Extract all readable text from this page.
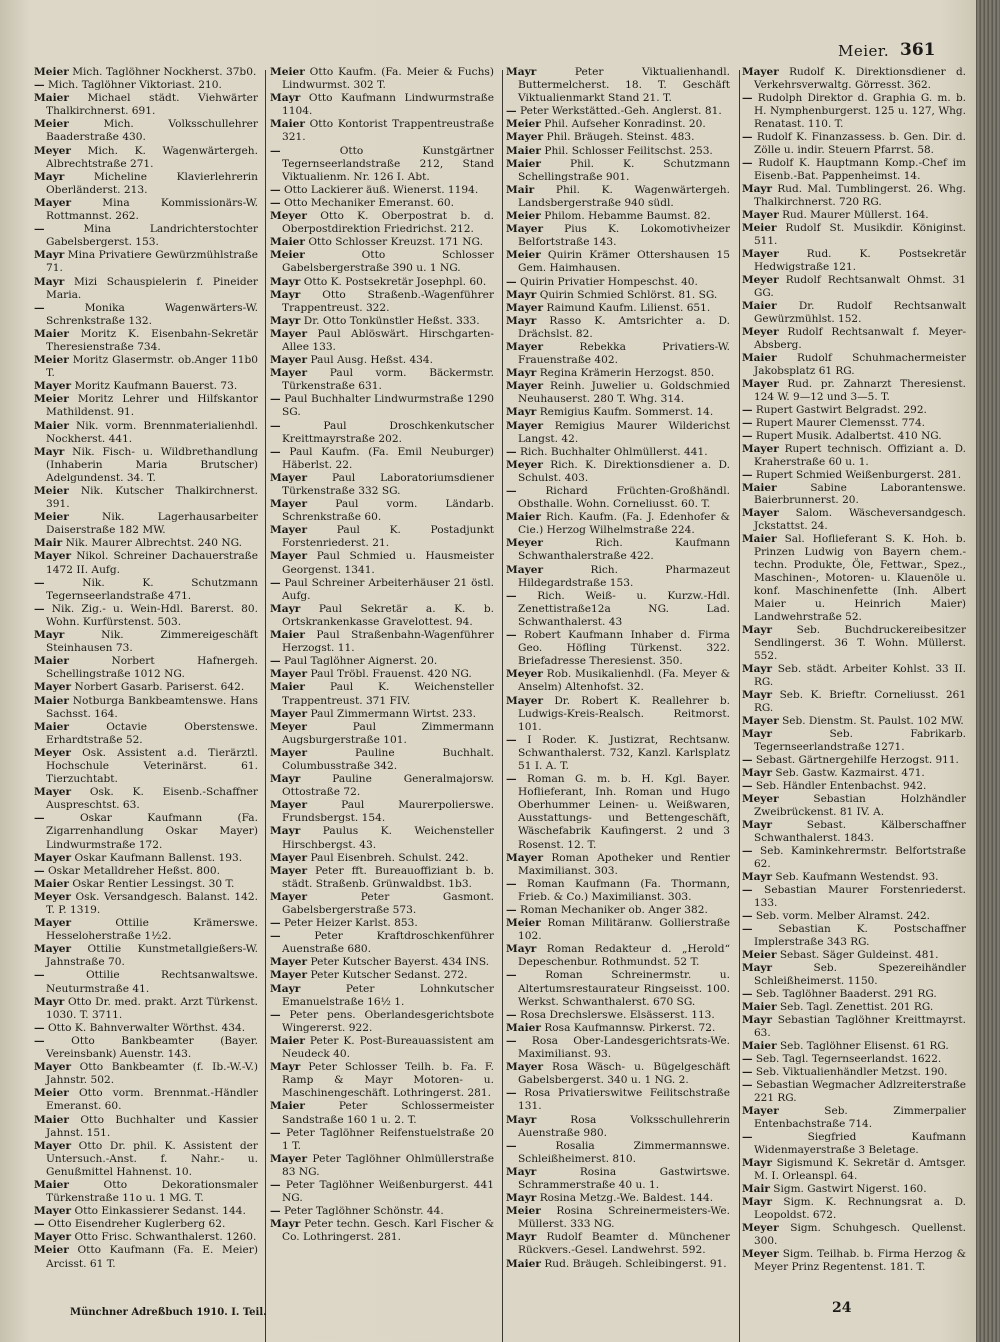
Meier. 361

Meier Mich. Taglöhner Nockherst. 37b0.

— Mich. Taglöhner Viktoriast. 210.

Maier Michael städt. Viehwärter Thalkirchnerst. 691.

Meier	Mich. Volksschullehrer Baaderstraße 430.

Meyer Mich. K. Wagenwärtergeh. Albrechtstraße 271.

Mayr	Micheline Klavierlehrerin Oberländerst. 213.

Mayer	Mina Kommissionärs-W. Rottmannst. 262.

—	Mina Landrichterstochter Gabelsbergerst. 153.

Mayr Mina Privatiere Gewürzmühlstraße 71.

Mayr Mizi Schauspielerin f. Pineider Maria.

—	Monika Wagenwärters-W. Schrenkstraße 132.

Maier Moritz K. Eisenbahn-Sekretär Theresienstraße 734.

Meier Moritz Glasermstr. ob.Anger 11b0 T.

Mayer Moritz Kaufmann Bauerst. 73.

Meier Moritz Lehrer und Hilfskantor Mathildenst. 91.

Maier Nik. vorm. Brennmaterialienhdl. Nockherst. 441.

Mayr Nik. Fisch- u. Wildbrethandlung (Inhaberin Maria Brutscher) Adelgundenst. 34. T.

Meier Nik. Kutscher Thalkirchnerst. 391.

Meier	Nik. Lagerhausarbeiter Daiserstraße 182 MW.

Mair Nik. Maurer Albrechtst. 240 NG.

Mayer Nikol. Schreiner Dachauerstraße 1472 II. Aufg.

—	Nik. K. Schutzmann Tegernseerlandstraße 471.

— Nik. Zig.- u. Wein-Hdl. Barerst. 80. Wohn. Kurfürstenst. 503.

Mayr	Nik. Zimmereigeschäft Steinhausen 73.

Maier	Norbert Hafnergeh. Schellingstraße 1012 NG.

Mayer Norbert Gasarb. Pariserst. 642.

Maier Notburga Bankbeamtenswe. Hans Sachsst. 164.

Maier	Octavie Oberstenswe. Erhardtstraße 52.

Meyer Osk. Assistent a.d. Tierärztl. Hochschule Veterinärst. 61. Tierzuchtabt.

Mayer Osk. K. Eisenb.-Schaffner Auspreschtst. 63.

—	Oskar Kaufmann (Fa. Zigarrenhandlung Oskar Mayer) Lindwurmstraße 172.

Mayer Oskar Kaufmann Ballenst. 193.

— Oskar Metalldreher Heßst. 800.

Maier Oskar Rentier Lessingst. 30 T.

Meyer Osk. Versandgesch. Balanst. 142. T. P. 1319.

Mayer	Ottilie Krämerswe. Hesseloherstraße 1½2.

Mayer Ottilie Kunstmetallgießers-W. Jahnstraße 70.

—	Ottilie Rechtsanwaltswe. Neuturmstraße 41.

Mayr Otto Dr. med. prakt. Arzt Türkenst. 1030. T. 3711.

— Otto K. Bahnverwalter Wörthst. 434.

—	Otto Bankbeamter (Bayer. Vereinsbank) Auenstr. 143.

Mayer Otto Bankbeamter (f. Ib.-W.-V.) Jahnstr. 502.

Meier Otto vorm. Brennmat.-Händler Emeranst. 60.

Maier Otto Buchhalter und Kassier Jahnst. 151.

Mayer Otto Dr. phil. K. Assistent der Untersuch.-Anst. f. Nahr.- u. Genußmittel Hahnenst. 10.

Maier	Otto Dekorationsmaler Türkenstraße 11o u. 1 MG. T.

Mayer Otto Einkassierer Sedanst. 144.

— Otto Eisendreher Kuglerberg 62.

Mayer Otto Frisc. Schwanthalerst. 1260.

Meier Otto Kaufmann (Fa. E. Meier) Arcisst. 61 T.

Meier Otto Kaufm. (Fa. Meier & Fuchs) Lindwurmst. 302 T.

Mayr Otto Kaufmann Lindwurmstraße 1104.

Maier Otto Kontorist Trappentreustraße 321.

—	Otto Kunstgärtner Tegernseerlandstraße 212, Stand Viktualienm. Nr. 126 I. Abt.

— Otto Lackierer äuß. Wienerst. 1194.

— Otto Mechaniker Emeranst. 60.

Meyer Otto K. Oberpostrat b. d. Oberpostdirektion Friedrichst. 212.

Maier Otto Schlosser Kreuzst. 171 NG.

Meier	Otto Schlosser Gabelsbergerstraße 390 u. 1 NG.

Mayr Otto K. Postsekretär Josephpl. 60.

Mayr Otto Straßenb.-Wagenführer Trappentreust. 322.

Mayr Dr. Otto Tonkünstler Heßst. 333.

Mayer Paul Ablöswärt. Hirschgarten-Allee 133.

Mayer Paul Ausg. Heßst. 434.

Mayer Paul vorm. Bäckermstr. Türkenstraße 631.

— Paul Buchhalter Lindwurmstraße 1290 SG.

—	Paul Droschkenkutscher Kreittmayrstraße 202.

— Paul Kaufm. (Fa. Emil Neuburger) Häberlst. 22.

Mayer Paul Laboratoriumsdiener Türkenstraße 332 SG.

Mayer	Paul vorm. Ländarb. Schrenkstraße 60.

Mayer	Paul K. Postadjunkt Forstenriederst. 21.

Mayer Paul Schmied u. Hausmeister Georgenst. 1341.

— Paul Schreiner Arbeiterhäuser 21 östl. Aufg.

Mayr Paul Sekretär a. K. b. Ortskrankenkasse Gravelottest. 94.

Maier Paul Straßenbahn-Wagenführer Herzogst. 11.

— Paul Taglöhner Aignerst. 20.

Mayer Paul Tröbl. Frauenst. 420 NG.

Maier Paul K. Weichensteller Trappentreust. 371 FIV.

Mayer Paul Zimmermann Wirtst. 233.

Meyer	Paul Zimmermann Augsburgerstraße 101.

Mayer	Pauline Buchhalt. Columbusstraße 342.

Mayr	Pauline Generalmajorsw. Ottostraße 72.

Mayer	Paul Maurerpolierswe. Frundsbergst. 154.

Mayr Paulus K. Weichensteller Hirschbergst. 43.

Mayer Paul Eisenbreh. Schulst. 242.

Mayer Peter fft. Bureauoffiziant b. b. städt. Straßenb. Grünwaldbst. 1b3.

Mayer	Peter Gasmont. Gabelsbergerstraße 573.

— Peter Heizer Karlst. 853.

—	Peter Kraftdroschkenführer Auenstraße 680.

Mayer Peter Kutscher Bayerst. 434 INS.

Mayer Peter Kutscher Sedanst. 272.

Mayr	Peter Lohnkutscher Emanuelstraße 16½ 1.

— Peter pens. Oberlandesgerichtsbote Wingererst. 922.

Maier Peter K. Post-Bureauassistent am Neudeck 40.

Mayr Peter Schlosser Teilh. b. Fa. F. Ramp & Mayr Motoren- u. Maschinengeschäft. Lothringerst. 281.

Maier	Peter Schlossermeister Sandstraße 160 1 u. 2. T.

— Peter Taglöhner Reifenstuelstraße 20 1 T.

Mayer Peter Taglöhner Ohlmüllerstraße 83 NG.

— Peter Taglöhner Weißenburgerst. 441 NG.

— Peter Taglöhner Schönstr. 44.

Mayr Peter techn. Gesch. Karl Fischer & Co. Lothringerst. 281.

Mayr	Peter Viktualienhandl. Buttermelcherst. 18. T. Geschäft Viktualienmarkt Stand 21. T.

— Peter Werkstätted.-Geh. Anglerst. 81.

Meier Phil. Aufseher Konradinst. 20.

Mayer Phil. Bräugeh. Steinst. 483.

Maier Phil. Schlosser Feilitschst. 253.

Maier	Phil. K. Schutzmann Schellingstraße 901.

Mair Phil. K. Wagenwärtergeh. Landsbergerstraße 940 südl.

Meier Philom. Hebamme Baumst. 82.

Mayer Pius K. Lokomotivheizer Belfortstraße 143.

Meier Quirin Krämer Ottershausen 15 Gem. Haimhausen.

— Quirin Privatier Hompeschst. 40.

Mayr Quirin Schmied Schlörst. 81. SG.

Mayer Raimund Kaufm. Lilienst. 651.

Mayr Rasso K. Amtsrichter a. D. Drächslst. 82.

Mayer	Rebekka Privatiers-W. Frauenstraße 402.

Mayr Regina Krämerin Herzogst. 850.

Mayer Reinh. Juwelier u. Goldschmied Neuhauserst. 280 T. Whg. 314.

Mayr Remigius Kaufm. Sommerst. 14.

Mayer Remigius Maurer Wilderichst Langst. 42.

— Rich. Buchhalter Ohlmüllerst. 441.

Meyer Rich. K. Direktionsdiener a. D. Schulst. 403.

—	Richard Früchten-Großhändl. Obsthalle. Wohn. Corneliusst. 60. T.

Maier Rich. Kaufm. (Fa. J. Edenhofer & Cie.) Herzog Wilhelmstraße 224.

Meyer	Rich. Kaufmann Schwanthalerstraße 422.

Mayer	Rich. Pharmazeut Hildegardstraße 153.

— Rich. Weiß- u. Kurzw.-Hdl. Zenettistraße12a NG. Lad. Schwanthalerst. 43

— Robert Kaufmann Inhaber d. Firma Geo. Höfling Türkenst. 322. Briefadresse Theresienst. 350.

Meyer Rob. Musikalienhdl. (Fa. Meyer & Anselm) Altenhofst. 32.

Mayer Dr. Robert K. Reallehrer b. Ludwigs-Kreis-Realsch. Reitmorst. 101.

— I Roder. K. Justizrat, Rechtsanw. Schwanthalerst. 732, Kanzl. Karlsplatz 51 I. A. T.

— Roman G. m. b. H. Kgl. Bayer. Hoflieferant, Inh. Roman und Hugo Oberhummer Leinen- u. Weißwaren, Ausstattungs- und Bettengeschäft, Wäschefabrik Kaufingerst. 2 und 3 Rosenst. 12. T.

Mayer Roman Apotheker und Rentier Maximilianst. 303.

— Roman Kaufmann (Fa. Thormann, Frieb. & Co.) Maximilianst. 303.

— Roman Mechaniker ob. Anger 382.

Meier Roman Militäranw. Gollierstraße 102.

Mayr Roman Redakteur d. „Herold“ Depeschenbur. Rothmundst. 52 T.

—	Roman Schreinermstr. u. Altertumsrestaurateur Ringseisst. 100. Werkst. Schwanthalerst. 670 SG.

— Rosa Drechslerswe. Elsässerst. 113.

Maier Rosa Kaufmannsw. Pirkerst. 72.

— Rosa Ober-Landesgerichtsrats-We. Maximilianst. 93.

Mayer Rosa Wäsch- u. Bügelgeschäft Gabelsbergerst. 340 u. 1 NG. 2.

— Rosa Privatierswitwe Feilitschstraße 131.

Mayr	Rosa Volksschullehrerin Auenstraße 980.

—	Rosalia Zimmermannswe. Schleißheimerst. 810.

Mayr	Rosina Gastwirtswe. Schrammerstraße 40 u. 1.

Mayr Rosina Metzg.-We. Baldest. 144.

Meier Rosina Schreinermeisters-We. Müllerst. 333 NG.

Mayr Rudolf Beamter d. Münchener Rückvers.-Gesel. Landwehrst. 592.

Maier Rud. Bräugeh. Schleibingerst. 91.

Mayer Rudolf K. Direktionsdiener d. Verkehrsverwaltg. Görresst. 362.

— Rudolph Direktor d. Graphia G. m. b. H. Nymphenburgerst. 125 u. 127, Whg. Renatast. 110. T.

— Rudolf K. Finanzassess. b. Gen. Dir. d. Zölle u. indir. Steuern Pfarrst. 58.

— Rudolf K. Hauptmann Komp.-Chef im Eisenb.-Bat. Pappenheimst. 14.

Mayr Rud. Mal. Tumblingerst. 26. Whg. Thalkirchnerst. 720 RG.

Mayer Rud. Maurer Müllerst. 164.

Meier Rudolf St. Musikdir. Königinst. 511.

Mayer	Rud. K. Postsekretär Hedwigstraße 121.

Meyer Rudolf Rechtsanwalt Ohmst. 31 GG.

Maier Dr. Rudolf Rechtsanwalt Gewürzmühlst. 152.

Meyer Rudolf Rechtsanwalt f. Meyer-Absberg.

Maier Rudolf Schuhmachermeister Jakobsplatz 61 RG.

Mayer Rud. pr. Zahnarzt Theresienst. 124 W. 9—12 und 3—5. T.

— Rupert Gastwirt Belgradst. 292.

— Rupert Maurer Clemensst. 774.

— Rupert Musik. Adalbertst. 410 NG.

Mayer Rupert technisch. Offiziant a. D. Kraherstraße 60 u. 1.

— Rupert Schmied Weißenburgerst. 281.

Maier	Sabine Laborantenswe. Baierbrunnerst. 20.

Mayer Salom. Wäscheversandgesch. Jckstattst. 24.

Maier Sal. Hoflieferant S. K. Hoh. b. Prinzen Ludwig von Bayern chem.-techn. Produkte, Öle, Fettwar., Spez., Maschinen-, Motoren- u. Klauenöle u. konf. Maschinenfette (Inh. Albert Maier u. Heinrich Maier) Landwehrstraße 52.

Mayr Seb. Buchdruckereibesitzer Sendlingerst. 36 T. Wohn. Müllerst. 552.

Mayr Seb. städt. Arbeiter Kohlst. 33 II. RG.

Mayr Seb. K. Brieftr. Corneliusst. 261 RG.

Mayer Seb. Dienstm. St. Paulst. 102 MW.

Mayr	Seb. Fabrikarb. Tegernseerlandstraße 1271.

— Sebast. Gärtnergehilfe Herzogst. 911.

Mayr Seb. Gastw. Kazmairst. 471.

— Seb. Händler Entenbachst. 942.

Meyer	Sebastian Holzhändler Zweibrückenst. 81 IV. A.

Mayr	Sebast. Kälberschaffner Schwanthalerst. 1843.

— Seb. Kaminkehrermstr. Belfortstraße 62.

Mayr Seb. Kaufmann Westendst. 93.

— Sebastian Maurer Forstenriederst. 133.

— Seb. vorm. Melber Alramst. 242.

— Sebastian K. Postschaffner Implerstraße 343 RG.

Meier Sebast. Säger Guldeinst. 481.

Mayr	Seb. Spezereihändler Schleißheimerst. 1150.

— Seb. Taglöhner Baaderst. 291 RG.

Maier Seb. Tagl. Zenettist. 201 RG.

Mayr Sebastian Taglöhner Kreittmayrst. 63.

Maier Seb. Taglöhner Elisenst. 61 RG.

— Seb. Tagl. Tegernseerlandst. 1622.

— Seb. Viktualienhändler Metzst. 190.

— Sebastian Wegmacher Adlzreiterstraße 221 RG.

Mayer	Seb. Zimmerpalier Entenbachstraße 714.

—	Siegfried Kaufmann Widenmayerstraße 3 Beletage.

Mayr Sigismund K. Sekretär d. Amtsger. M. I. Orleanspl. 64.

Mair Sigm. Gastwirt Nigerst. 160.

Mayr Sigm. K. Rechnungsrat a. D. Leopoldst. 672.

Meyer Sigm. Schuhgesch. Quellenst. 300.

Meyer Sigm. Teilhab. b. Firma Herzog & Meyer Prinz Regentenst. 181. T.

Münchner Adreßbuch 1910. I. Teil.	24
